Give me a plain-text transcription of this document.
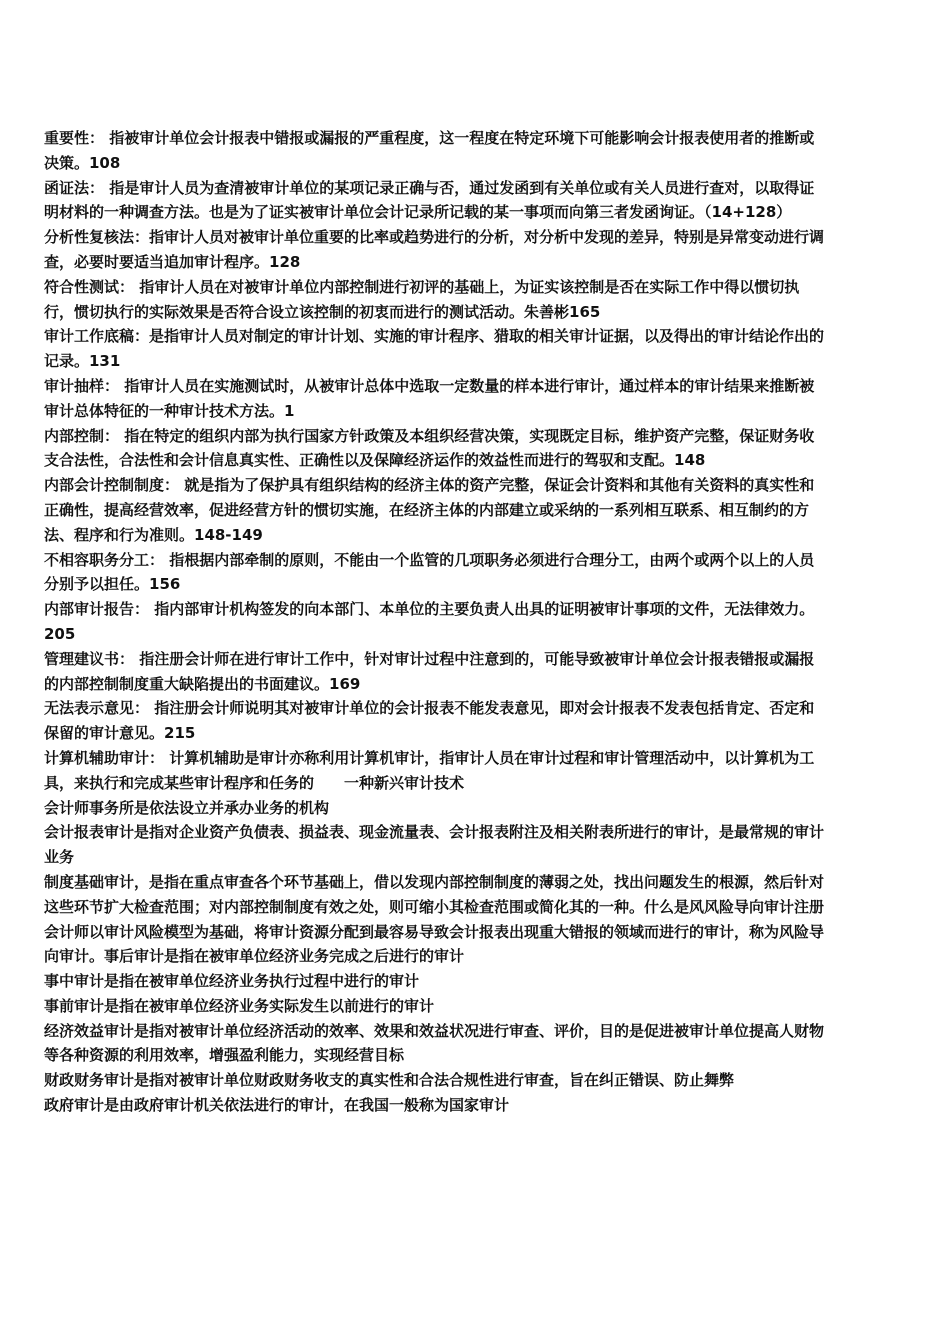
重要性： 指被审计单位会计报表中错报或漏报的严重程度，这一程度在特定环境下可能影响会计报表使用者的推断或决策。108

函证法： 指是审计人员为查清被审计单位的某项记录正确与否，通过发函到有关单位或有关人员进行查对，以取得证明材料的一种调查方法。也是为了证实被审计单位会计记录所记载的某一事项而向第三者发函询证。（14+128）

分析性复核法：指审计人员对被审计单位重要的比率或趋势进行的分析，对分析中发现的差异，特别是异常变动进行调查，必要时要适当追加审计程序。128

符合性测试： 指审计人员在对被审计单位内部控制进行初评的基础上，为证实该控制是否在实际工作中得以惯切执行，惯切执行的实际效果是否符合设立该控制的初衷而进行的测试活动。朱善彬165

审计工作底稿：是指审计人员对制定的审计计划、实施的审计程序、猎取的相关审计证据，以及得出的审计结论作出的记录。131

审计抽样： 指审计人员在实施测试时，从被审计总体中选取一定数量的样本进行审计，通过样本的审计结果来推断被审计总体特征的一种审计技术方法。1

内部控制： 指在特定的组织内部为执行国家方针政策及本组织经营决策，实现既定目标，维护资产完整，保证财务收支合法性，合法性和会计信息真实性、正确性以及保障经济运作的效益性而进行的驾驭和支配。148

内部会计控制制度： 就是指为了保护具有组织结构的经济主体的资产完整，保证会计资料和其他有关资料的真实性和正确性，提高经营效率，促进经营方针的惯切实施，在经济主体的内部建立或采纳的一系列相互联系、相互制约的方法、程序和行为准则。148-149

不相容职务分工： 指根据内部牵制的原则，不能由一个监管的几项职务必须进行合理分工，由两个或两个以上的人员分别予以担任。156

内部审计报告： 指内部审计机构签发的向本部门、本单位的主要负责人出具的证明被审计事项的文件，无法律效力。205

管理建议书： 指注册会计师在进行审计工作中，针对审计过程中注意到的，可能导致被审计单位会计报表错报或漏报的内部控制制度重大缺陷提出的书面建议。169

无法表示意见： 指注册会计师说明其对被审计单位的会计报表不能发表意见，即对会计报表不发表包括肯定、否定和保留的审计意见。215

计算机辅助审计： 计算机辅助是审计亦称利用计算机审计，指审计人员在审计过程和审计管理活动中，以计算机为工具，来执行和完成某些审计程序和任务的　　一种新兴审计技术

会计师事务所是依法设立并承办业务的机构

会计报表审计是指对企业资产负债表、损益表、现金流量表、会计报表附注及相关附表所进行的审计，是最常规的审计业务

制度基础审计，是指在重点审查各个环节基础上，借以发现内部控制制度的薄弱之处，找出问题发生的根源，然后针对这些环节扩大检查范围；对内部控制制度有效之处，则可缩小其检查范围或简化其的一种。什么是风风险导向审计注册会计师以审计风险模型为基础，将审计资源分配到最容易导致会计报表出现重大错报的领域而进行的审计，称为风险导向审计。事后审计是指在被审单位经济业务完成之后进行的审计

事中审计是指在被审单位经济业务执行过程中进行的审计

事前审计是指在被审单位经济业务实际发生以前进行的审计

经济效益审计是指对被审计单位经济活动的效率、效果和效益状况进行审查、评价，目的是促进被审计单位提高人财物等各种资源的利用效率，增强盈利能力，实现经营目标

财政财务审计是指对被审计单位财政财务收支的真实性和合法合规性进行审查，旨在纠正错误、防止舞弊

政府审计是由政府审计机关依法进行的审计，在我国一般称为国家审计
